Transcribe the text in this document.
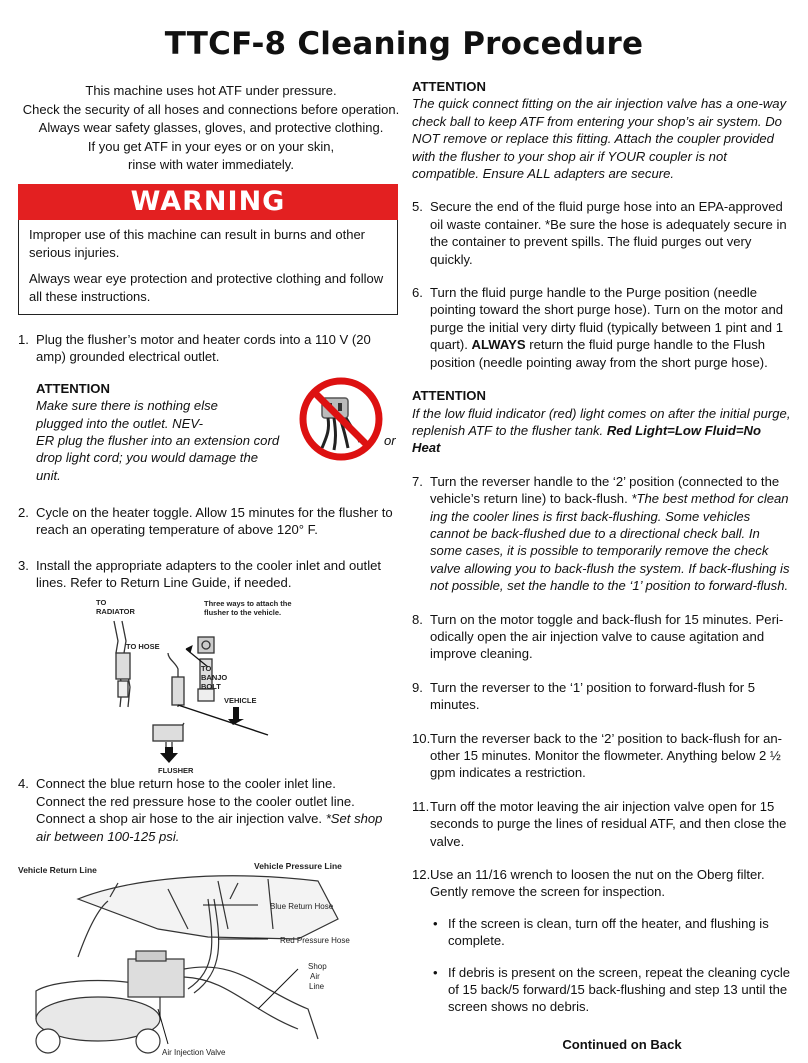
TTCF-8 Cleaning Procedure
This machine uses hot ATF under pressure.
Check the security of all hoses and connections before operation.
Always wear safety glasses, gloves, and protective clothing.
If you get ATF in your eyes or on your skin,
rinse with water immediately.
WARNING

Improper use of this machine can result in burns and other serious injuries.

Always wear eye protection and protective clothing and follow all these instructions.

1. Plug the flusher’s motor and heater cords into a 110 V (20 amp) grounded electrical outlet.
ATTENTION
Make sure there is nothing else
plugged into the outlet. NEV-
ER plug the flusher into an extension cord
drop light cord; you would damage the
unit.
or
2. Cycle on the heater toggle. Allow 15 minutes for the flusher to reach an operating temperature of above 120° F.
3. Install the appropriate adapters to the cooler inlet and outlet lines. Refer to Return Line Guide, if needed.
TO
RADIATOR
Three ways to attach the
flusher to the vehicle.
TO HOSE
TO
BANJO
BOLT
VEHICLE
FLUSHER
4. Connect the blue return hose to the cooler inlet line.
Connect the red pressure hose to the cooler outlet line.
Connect a shop air hose to the air injection valve. *Set shop air between 100-125 psi.
Vehicle Return Line	Vehicle Pressure Line
Blue Return Hose
Red Pressure Hose
Shop
Air
Line
Air Injection Valve
ATTENTION
The quick connect fitting on the air injection valve has a one-way check ball to keep ATF from entering your shop’s air system. Do NOT remove or replace this fitting. Attach the coupler provided with the flusher to your shop air if YOUR coupler is not compatible. Ensure ALL adapters are secure.
5. Secure the end of the fluid purge hose into an EPA-approved oil waste container. *Be sure the hose is adequately secure in the container to prevent spills. The fluid purges out very quickly.
6. Turn the fluid purge handle to the Purge position (needle pointing toward the short purge hose). Turn on the motor and purge the initial very dirty fluid (typically between 1 pint and 1 quart). ALWAYS return the fluid purge handle to the Flush position (needle pointing away from the short purge hose).
ATTENTION
If the low fluid indicator (red) light comes on after the initial purge, replenish ATF to the flusher tank. Red Light=Low Fluid=No Heat
7. Turn the reverser handle to the ‘2’ position (connected to the vehicle’s return line) to back-flush. *The best method for clean ing the cooler lines is first back-flushing. Some vehicles cannot be back-flushed due to a directional check ball. In some cases, it is possible to temporarily remove the check valve allowing you to back-flush the system. If back-flushing is not possible, set the handle to the ‘1’ position to forward-flush.
8. Turn on the motor toggle and back-flush for 15 minutes. Peri- odically open the air injection valve to cause agitation and improve cleaning.
9. Turn the reverser to the ‘1’ position to forward-flush for 5 minutes.
10. Turn the reverser back to the ‘2’ position to back-flush for an- other 15 minutes. Monitor the flowmeter. Anything below 2 ½ gpm indicates a restriction.
11. Turn off the motor leaving the air injection valve open for 15 seconds to purge the lines of residual ATF, and then close the valve.
12. Use an 11/16 wrench to loosen the nut on the Oberg filter. Gently remove the screen for inspection.
• If the screen is clean, turn off the heater, and flushing is complete.
• If debris is present on the screen, repeat the cleaning cycle of 15 back/5 forward/15 back-flushing and step 13 until the screen shows no debris.
Continued on Back
